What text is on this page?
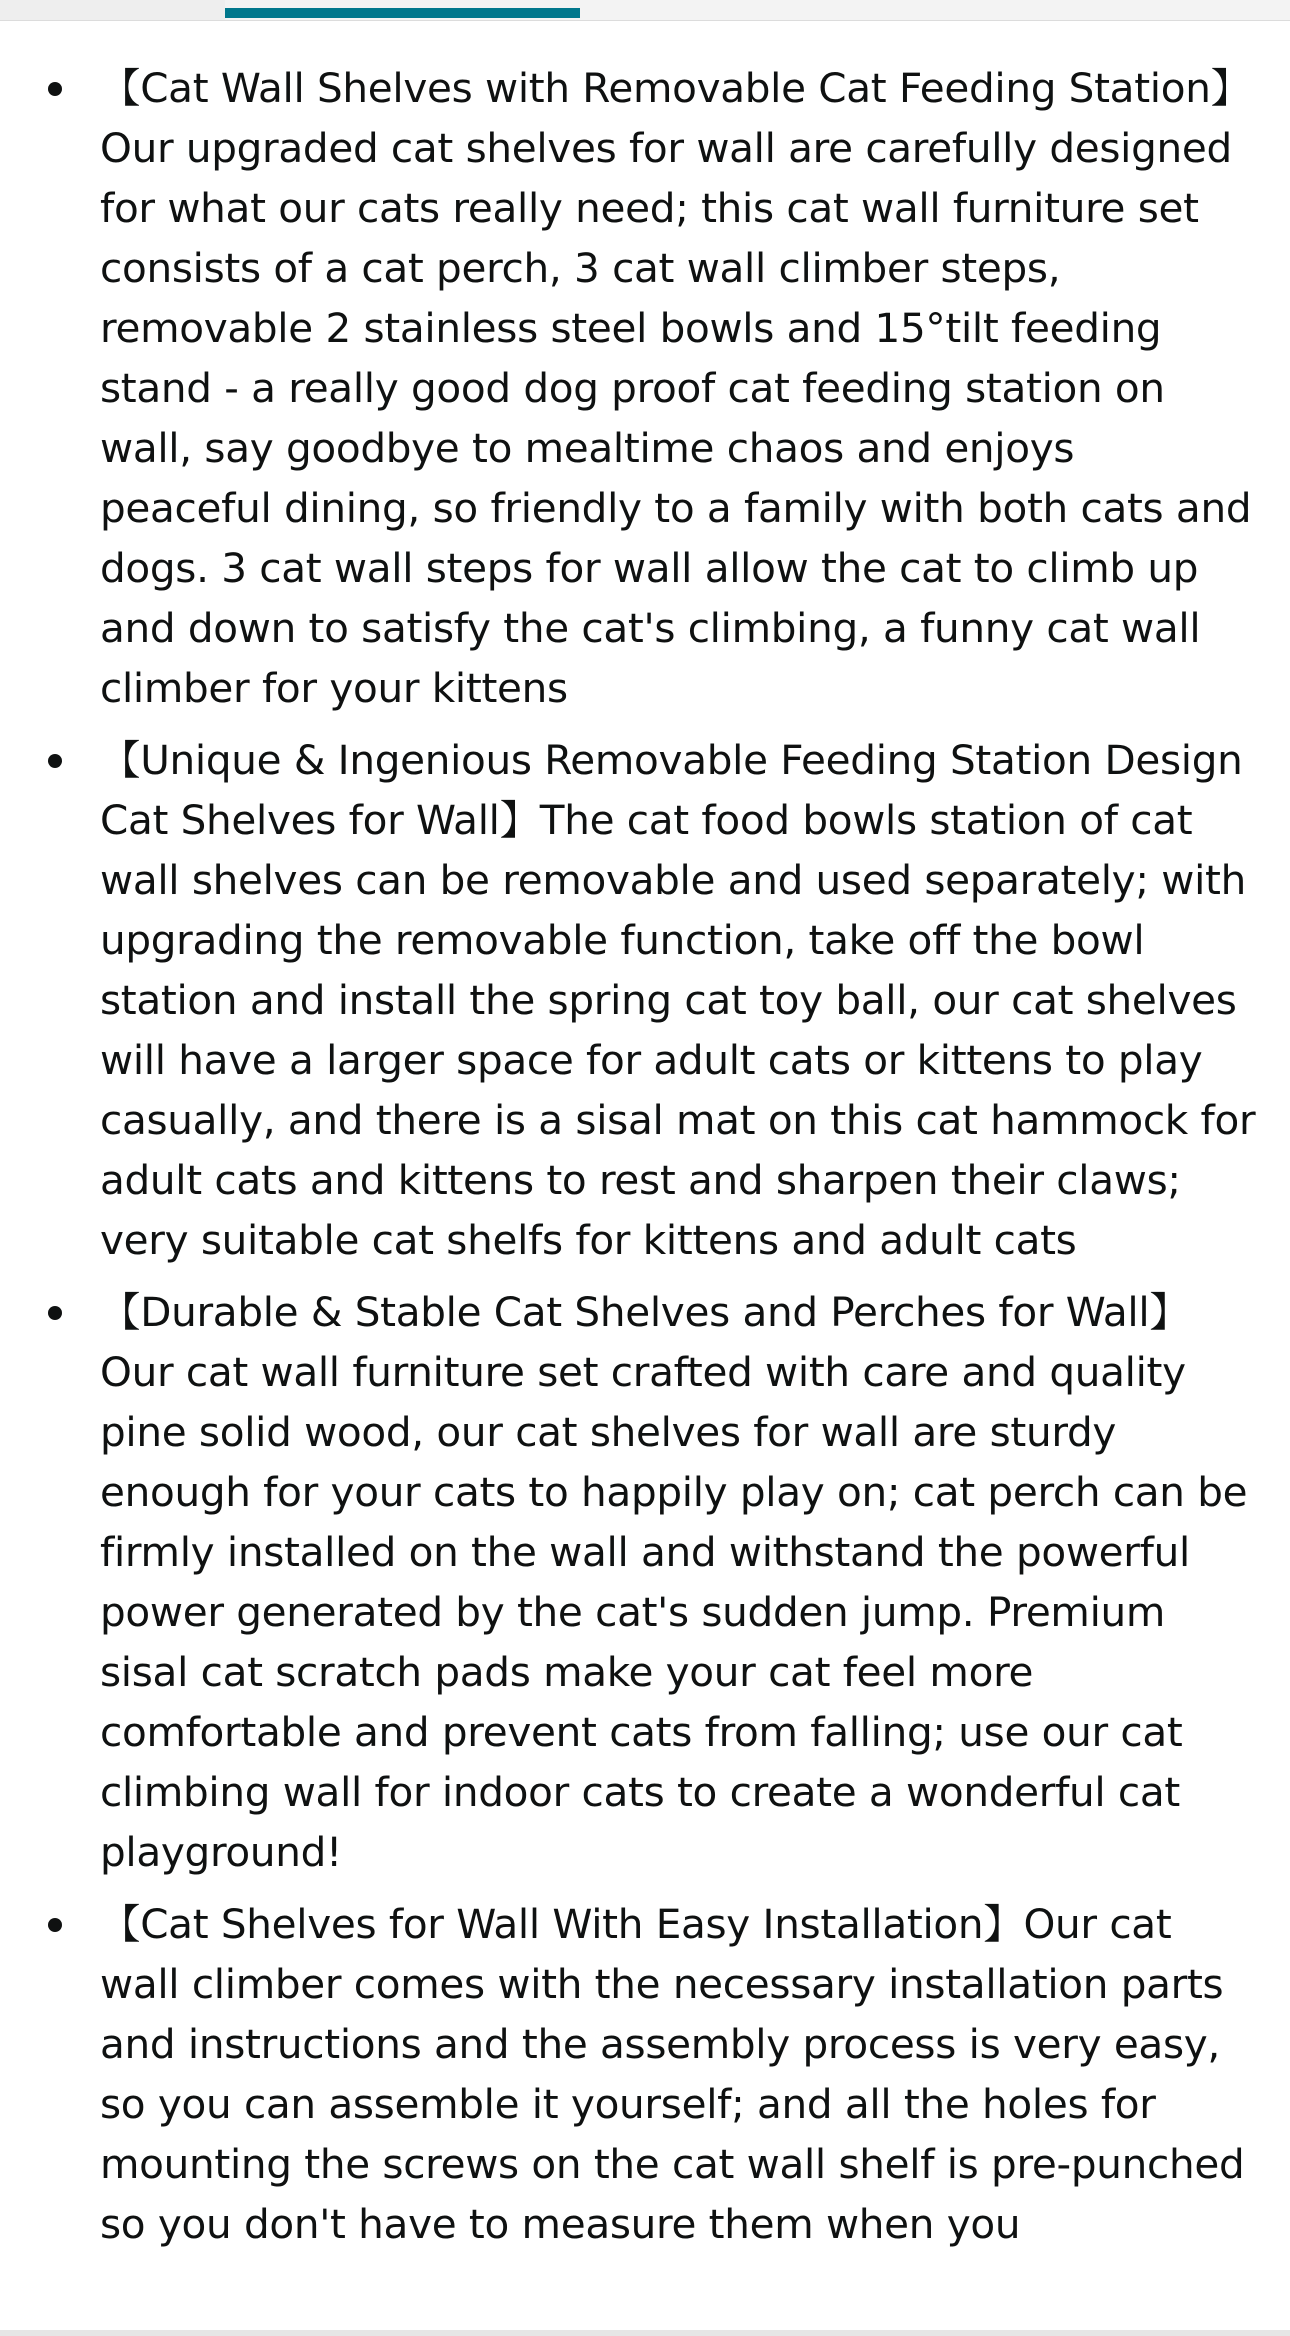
【Cat Wall Shelves with Removable Cat Feeding Station】Our upgraded cat shelves for wall are carefully designed for what our cats really need; this cat wall furniture set consists of a cat perch, 3 cat wall climber steps, removable 2 stainless steel bowls and 15°tilt feeding stand - a really good dog proof cat feeding station on wall, say goodbye to mealtime chaos and enjoys peaceful dining, so friendly to a family with both cats and dogs. 3 cat wall steps for wall allow the cat to climb up and down to satisfy the cat's climbing, a funny cat wall climber for your kittens
【Unique & Ingenious Removable Feeding Station Design Cat Shelves for Wall】The cat food bowls station of cat wall shelves can be removable and used separately; with upgrading the removable function, take off the bowl station and install the spring cat toy ball, our cat shelves will have a larger space for adult cats or kittens to play casually, and there is a sisal mat on this cat hammock for adult cats and kittens to rest and sharpen their claws; very suitable cat shelfs for kittens and adult cats
【Durable & Stable Cat Shelves and Perches for Wall】Our cat wall furniture set crafted with care and quality pine solid wood, our cat shelves for wall are sturdy enough for your cats to happily play on; cat perch can be firmly installed on the wall and withstand the powerful power generated by the cat's sudden jump. Premium sisal cat scratch pads make your cat feel more comfortable and prevent cats from falling; use our cat climbing wall for indoor cats to create a wonderful cat playground!
【Cat Shelves for Wall With Easy Installation】Our cat wall climber comes with the necessary installation parts and instructions and the assembly process is very easy, so you can assemble it yourself; and all the holes for mounting the screws on the cat wall shelf is pre-punched so you don't have to measure them when you
